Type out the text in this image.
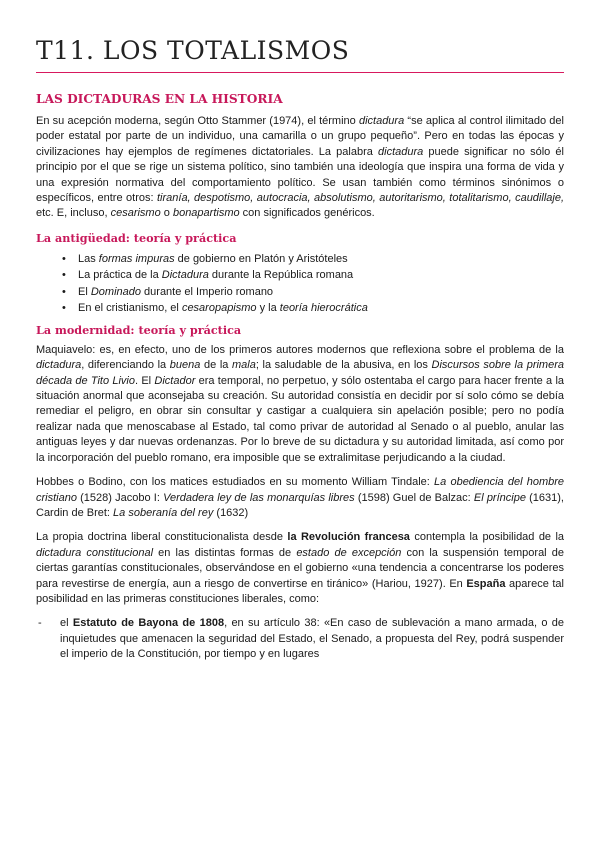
T11. LOS TOTALISMOS
LAS DICTADURAS EN LA HISTORIA

En su acepción moderna, según Otto Stammer (1974), el término dictadura “se aplica al control ilimitado del poder estatal por parte de un individuo, una camarilla o un grupo pequeño”. Pero en todas las épocas y civilizaciones hay ejemplos de regímenes dictatoriales. La palabra dictadura puede significar no sólo él principio por el que se rige un sistema político, sino también una ideología que inspira una forma de vida y una expresión normativa del comportamiento político. Se usan también como términos sinónimos o específicos, entre otros: tiranía, despotismo, autocracia, absolutismo, autoritarismo, totalitarismo, caudillaje, etc. E, incluso, cesarismo o bonapartismo con significados genéricos.

La antigüedad: teoría y práctica
• Las formas impuras de gobierno en Platón y Aristóteles
• La práctica de la Dictadura durante la República romana
• El Dominado durante el Imperio romano
• En el cristianismo, el cesaropapismo y la teoría hierocrática
La modernidad: teoría y práctica

Maquiavelo: es, en efecto, uno de los primeros autores modernos que reflexiona sobre el problema de la dictadura, diferenciando la buena de la mala; la saludable de la abusiva, en los Discursos sobre la primera década de Tito Livio. El Dictador era temporal, no perpetuo, y sólo ostentaba el cargo para hacer frente a la situación anormal que aconsejaba su creación. Su autoridad consistía en decidir por sí solo cómo se debía remediar el peligro, en obrar sin consultar y castigar a cualquiera sin apelación posible; pero no podía realizar nada que menoscabase al Estado, tal como privar de autoridad al Senado o al pueblo, anular las antiguas leyes y dar nuevas ordenanzas. Por lo breve de su dictadura y su autoridad limitada, así como por la incorporación del pueblo romano, era imposible que se extralimitase perjudicando a la ciudad.

Hobbes o Bodino, con los matices estudiados en su momento William Tindale: La obediencia del hombre cristiano (1528) Jacobo I: Verdadera ley de las monarquías libres (1598) Guel de Balzac: El príncipe (1631), Cardin de Bret: La soberanía del rey (1632)

La propia doctrina liberal constitucionalista desde la Revolución francesa contempla la posibilidad de la dictadura constitucional en las distintas formas de estado de excepción con la suspensión temporal de ciertas garantías constitucionales, observándose en el gobierno «una tendencia a concentrarse los poderes para revestirse de energía, aun a riesgo de convertirse en tiránico» (Hariou, 1927). En España aparece tal posibilidad en las primeras constituciones liberales, como:

- el Estatuto de Bayona de 1808, en su artículo 38: «En caso de sublevación a mano armada, o de inquietudes que amenacen la seguridad del Estado, el Senado, a propuesta del Rey, podrá suspender el imperio de la Constitución, por tiempo y en lugares
